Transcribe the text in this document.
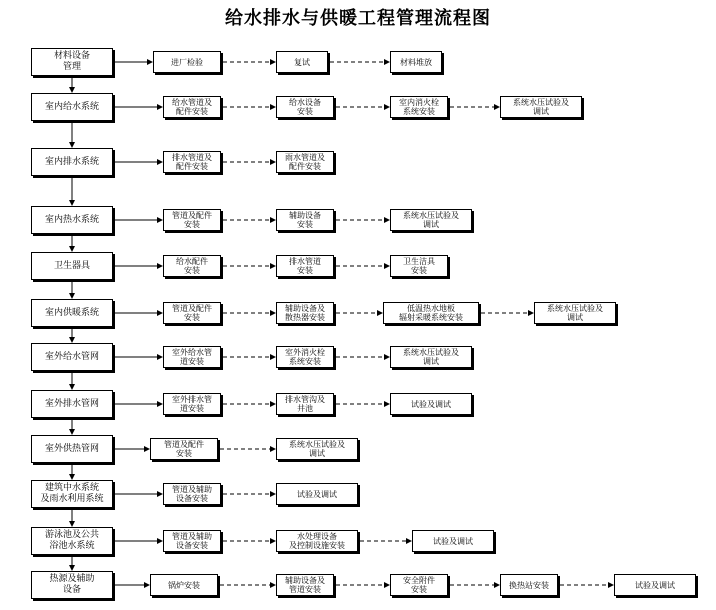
给水排水与供暖工程管理流程图
材料设备
管理	进厂检验	复试	材料堆放
室内给水系统	给水管道及
配件安装
给水设备
安装
室内消火栓
系统安装
系统水压试验及
调试
室内排水系统	排水管道及
配件安装
雨水管道及
配件安装
室内热水系统	管道及配件
安装
辅助设备
安装
系统水压试验及
调试
卫生器具	给水配件
安装
排水管道
安装
卫生洁具
安装
室内供暖系统	管道及配件
安装
辅助设备及
散热器安装
低温热水地板
辐射采暖系统安装
系统水压试验及
调试
室外给水管网	室外给水管
道安装
室外消火栓
系统安装
系统水压试验及
调试
室外排水管网	室外排水管
道安装
排水管沟及
井池	试验及调试
室外供热管网	管道及配件
安装
系统水压试验及
调试
建筑中水系统
及雨水利用系统
管道及辅助
设备安装	试验及调试
游泳池及公共
浴池水系统
管道及辅助
设备安装
水处理设备
及控制设施安装	试验及调试
热源及辅助
设备	锅炉安装	辅助设备及
管道安装
安全附件
安装	换热站安装	试验及调试
